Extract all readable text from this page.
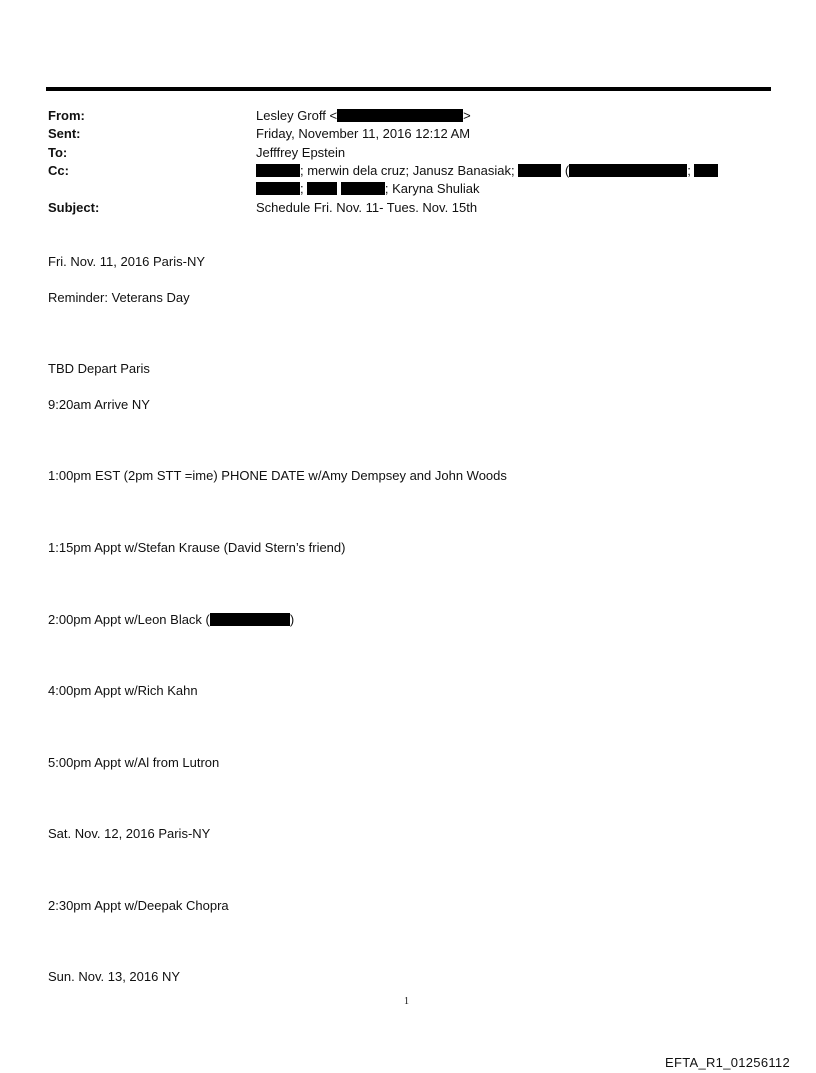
From:	Lesley Groff <	>
Sent:	Friday, November 11, 2016 12:12 AM
To:	Jefffrey Epstein
Cc:	; merwin dela cruz; Janusz Banasiak;	(	;
;	; Karyna Shuliak
Subject:	Schedule Fri. Nov. 11- Tues. Nov. 15th
Fri. Nov. 11, 2016 Paris-NY
Reminder: Veterans Day
TBD Depart Paris
9:20am Arrive NY
1:00pm EST (2pm STT =ime) PHONE DATE w/Amy Dempsey and John Woods
1:15pm Appt w/Stefan Krause (David Stern’s friend)
2:00pm Appt w/Leon Black (	)
4:00pm Appt w/Rich Kahn
5:00pm Appt w/Al from Lutron
Sat. Nov. 12, 2016 Paris-NY
2:30pm Appt w/Deepak Chopra
Sun. Nov. 13, 2016 NY
1
EFTA_R1_01256112
